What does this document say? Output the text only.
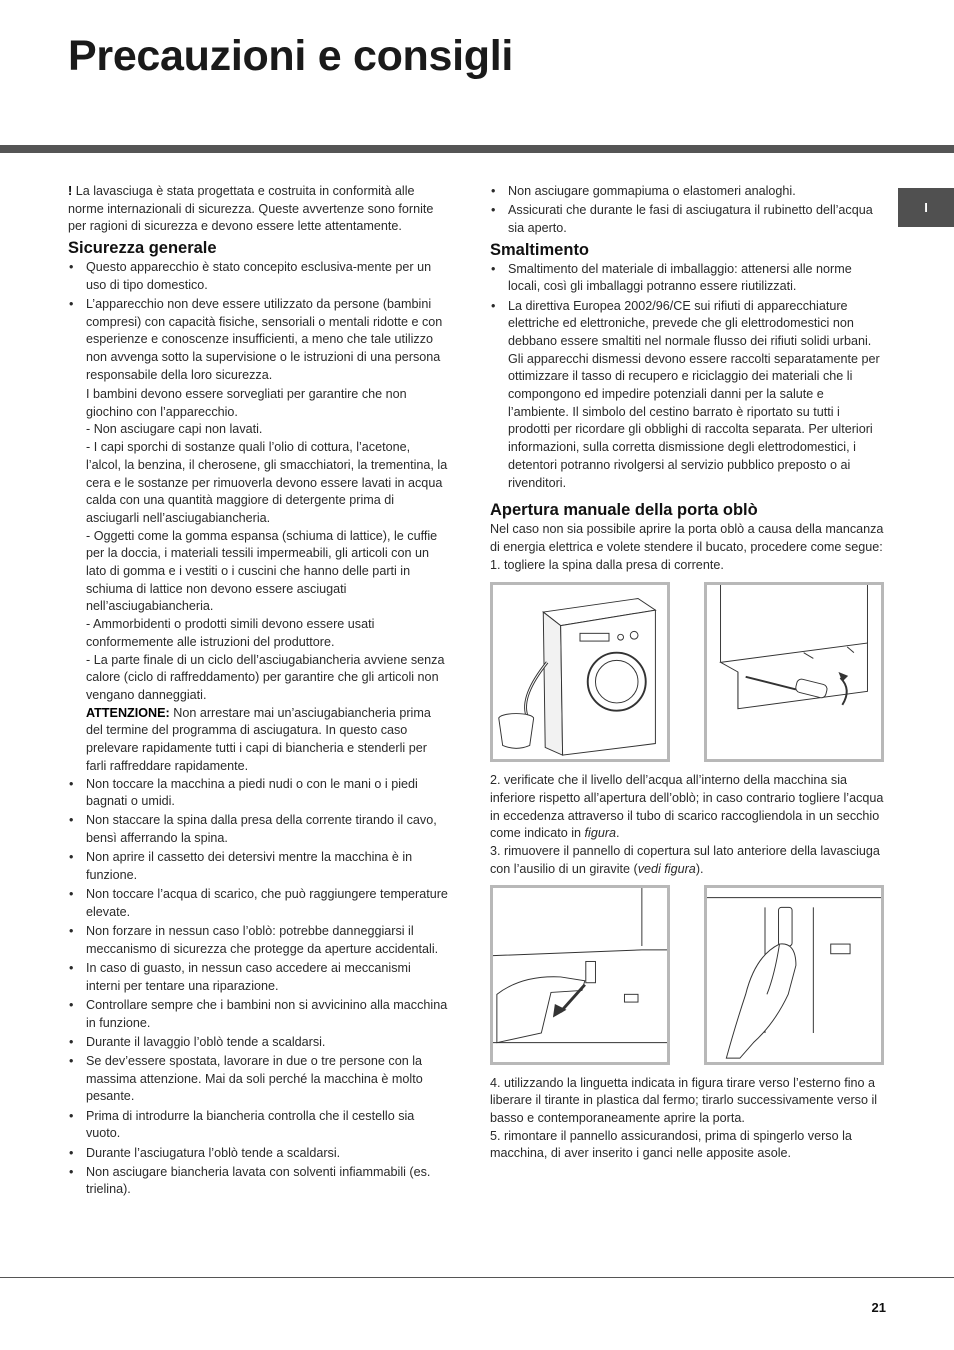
Precauzioni e consigli
I

! La lavasciuga è stata progettata e costruita in conformità alle norme internazionali di sicurezza. Queste avvertenze sono fornite per ragioni di sicurezza e devono essere lette attentamente.

Sicurezza generale
• Questo apparecchio è stato concepito esclusiva-mente per un uso di tipo domestico.
• L’apparecchio non deve essere utilizzato da persone (bambini compresi) con capacità fisiche, sensoriali o mentali ridotte e con esperienze e conoscenze insufficienti, a meno che tale utilizzo non avvenga sotto la supervisione o le istruzioni di una persona responsabile della loro sicurezza.

I bambini devono essere sorvegliati per garantire che non giochino con l’apparecchio.

- Non asciugare capi non lavati.

- I capi sporchi di sostanze quali l’olio di cottura, l’acetone, l’alcol, la benzina, il cherosene, gli smacchiatori, la trementina, la cera e le sostanze per rimuoverla devono essere lavati in acqua calda con una quantità maggiore di detergente prima di asciugarli nell’asciugabiancheria.

- Oggetti come la gomma espansa (schiuma di lattice), le cuffie per la doccia, i materiali tessili impermeabili, gli articoli con un lato di gomma e i vestiti o i cuscini che hanno delle parti in schiuma di lattice non devono essere asciugati nell’asciugabiancheria.

- Ammorbidenti o prodotti simili devono essere usati conformemente alle istruzioni del produttore.

- La parte finale di un ciclo dell’asciugabiancheria avviene senza calore (ciclo di raffreddamento) per garantire che gli articoli non vengano danneggiati.

ATTENZIONE: Non arrestare mai un’asciugabiancheria prima del termine del programma di asciugatura. In questo caso prelevare rapidamente tutti i capi di biancheria e stenderli per farli raffreddare rapidamente.

• Non toccare la macchina a piedi nudi o con le mani o i piedi bagnati o umidi.
• Non staccare la spina dalla presa della corrente tirando il cavo, bensì afferrando la spina.
• Non aprire il cassetto dei detersivi mentre la macchina è in funzione.
• Non toccare l’acqua di scarico, che può raggiungere temperature elevate.
• Non forzare in nessun caso l’oblò: potrebbe danneggiarsi il meccanismo di sicurezza che protegge da aperture accidentali.
• In caso di guasto, in nessun caso accedere ai meccanismi interni per tentare una riparazione.
• Controllare sempre che i bambini non si avvicinino alla macchina in funzione.
• Durante il lavaggio l’oblò tende a scaldarsi.
• Se dev’essere spostata, lavorare in due o tre persone con la massima attenzione. Mai da soli perché la macchina è molto pesante.
• Prima di introdurre la biancheria controlla che il cestello sia vuoto.
• Durante l’asciugatura l’oblò tende a scaldarsi.
• Non asciugare biancheria lavata con solventi infiammabili (es. trielina).
• Non asciugare gommapiuma o elastomeri analoghi.
• Assicurati che durante le fasi di asciugatura il rubinetto dell’acqua sia aperto.
Smaltimento
• Smaltimento del materiale di imballaggio: attenersi alle norme locali, così gli imballaggi potranno essere riutilizzati.
• La direttiva Europea 2002/96/CE sui rifiuti di apparecchiature elettriche ed elettroniche, prevede che gli elettrodomestici non debbano essere smaltiti nel normale flusso dei rifiuti solidi urbani. Gli apparecchi dismessi devono essere raccolti separatamente per ottimizzare il tasso di recupero e riciclaggio dei materiali che li compongono ed impedire potenziali danni per la salute e l’ambiente. Il simbolo del cestino barrato è riportato su tutti i prodotti per ricordare gli obblighi di raccolta separata. Per ulteriori informazioni, sulla corretta dismissione degli elettrodomestici, i detentori potranno rivolgersi al servizio pubblico preposto o ai rivenditori.
Apertura manuale della porta oblò

Nel caso non sia possibile aprire la porta oblò a causa della mancanza di energia elettrica e volete stendere il bucato, procedere come segue:

1. togliere la spina dalla presa di corrente.

2. verificate che il livello dell’acqua all’interno della macchina sia inferiore rispetto all’apertura dell’oblò; in caso contrario togliere l’acqua in eccedenza attraverso il tubo di scarico raccogliendola in un secchio come indicato in figura.

3. rimuovere il pannello di copertura sul lato anteriore della lavasciuga con l’ausilio di un giravite (vedi figura).

4. utilizzando la linguetta indicata in figura tirare verso l’esterno fino a liberare il tirante in plastica dal fermo; tirarlo successivamente verso il basso e contemporaneamente aprire la porta.

5. rimontare il pannello assicurandosi, prima di spingerlo verso la macchina, di aver inserito i ganci nelle apposite asole.

21
